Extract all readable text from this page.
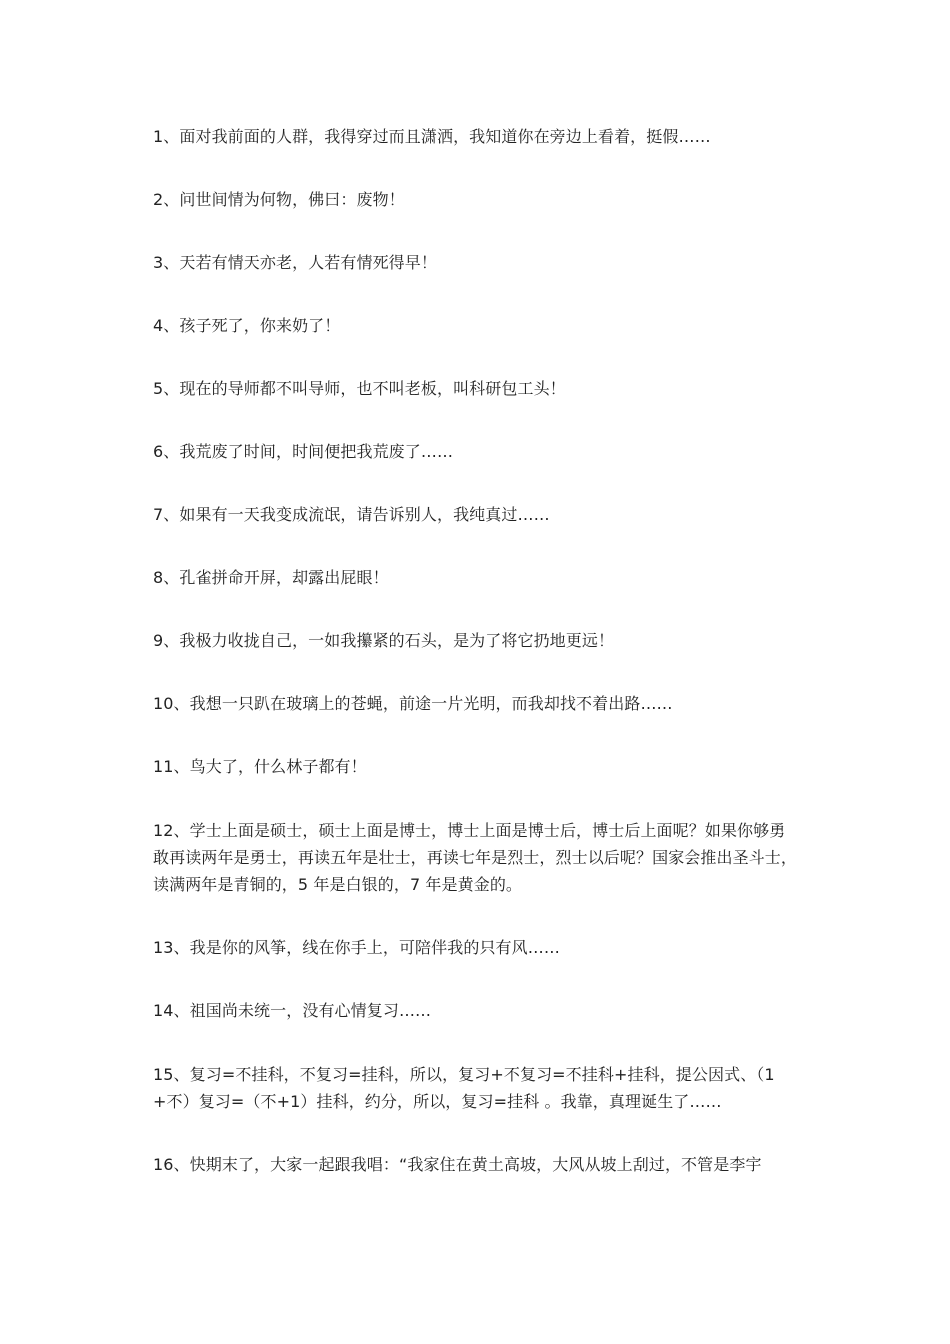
1、面对我前面的人群，我得穿过而且潇洒，我知道你在旁边上看着，挺假……

2、问世间情为何物，佛曰：废物！

3、天若有情天亦老，人若有情死得早！

4、孩子死了，你来奶了！

5、现在的导师都不叫导师，也不叫老板，叫科研包工头！

6、我荒废了时间，时间便把我荒废了……

7、如果有一天我变成流氓，请告诉别人，我纯真过……

8、孔雀拼命开屏，却露出屁眼！

9、我极力收拢自己，一如我攥紧的石头，是为了将它扔地更远！

10、我想一只趴在玻璃上的苍蝇，前途一片光明，而我却找不着出路……

11、鸟大了，什么林子都有！

12、学士上面是硕士，硕士上面是博士，博士上面是博士后，博士后上面呢？如果你够勇敢再读两年是勇士，再读五年是壮士，再读七年是烈士，烈士以后呢？国家会推出圣斗士，读满两年是青铜的，5 年是白银的，7 年是黄金的。

13、我是你的风筝，线在你手上，可陪伴我的只有风……

14、祖国尚未统一，没有心情复习……

15、复习=不挂科，不复习=挂科，所以，复习+不复习=不挂科+挂科，提公因式、（1+不）复习=（不+1）挂科，约分，所以，复习=挂科 。我靠，真理诞生了……

16、快期末了，大家一起跟我唱：“我家住在黄土高坡，大风从坡上刮过，不管是李宇
